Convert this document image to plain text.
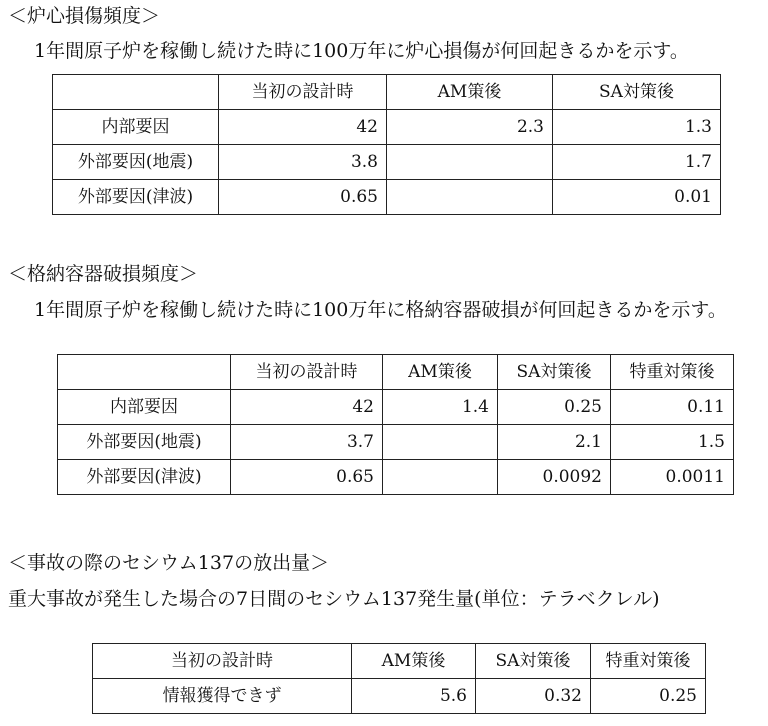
＜炉心損傷頻度＞
1年間原子炉を稼働し続けた時に100万年に炉心損傷が何回起きるかを示す。
	当初の設計時	AM策後	SA対策後
内部要因	42	2.3	1.3
外部要因(地震)	3.8		1.7
外部要因(津波)	0.65		0.01
＜格納容器破損頻度＞
1年間原子炉を稼働し続けた時に100万年に格納容器破損が何回起きるかを示す。
	当初の設計時	AM策後	SA対策後	特重対策後
内部要因	42	1.4	0.25	0.11
外部要因(地震)	3.7		2.1	1.5
外部要因(津波)	0.65		0.0092	0.0011
＜事故の際のセシウム137の放出量＞
重大事故が発生した場合の7日間のセシウム137発生量(単位：テラベクレル)
当初の設計時	AM策後	SA対策後	特重対策後
情報獲得できず	5.6	0.32	0.25
